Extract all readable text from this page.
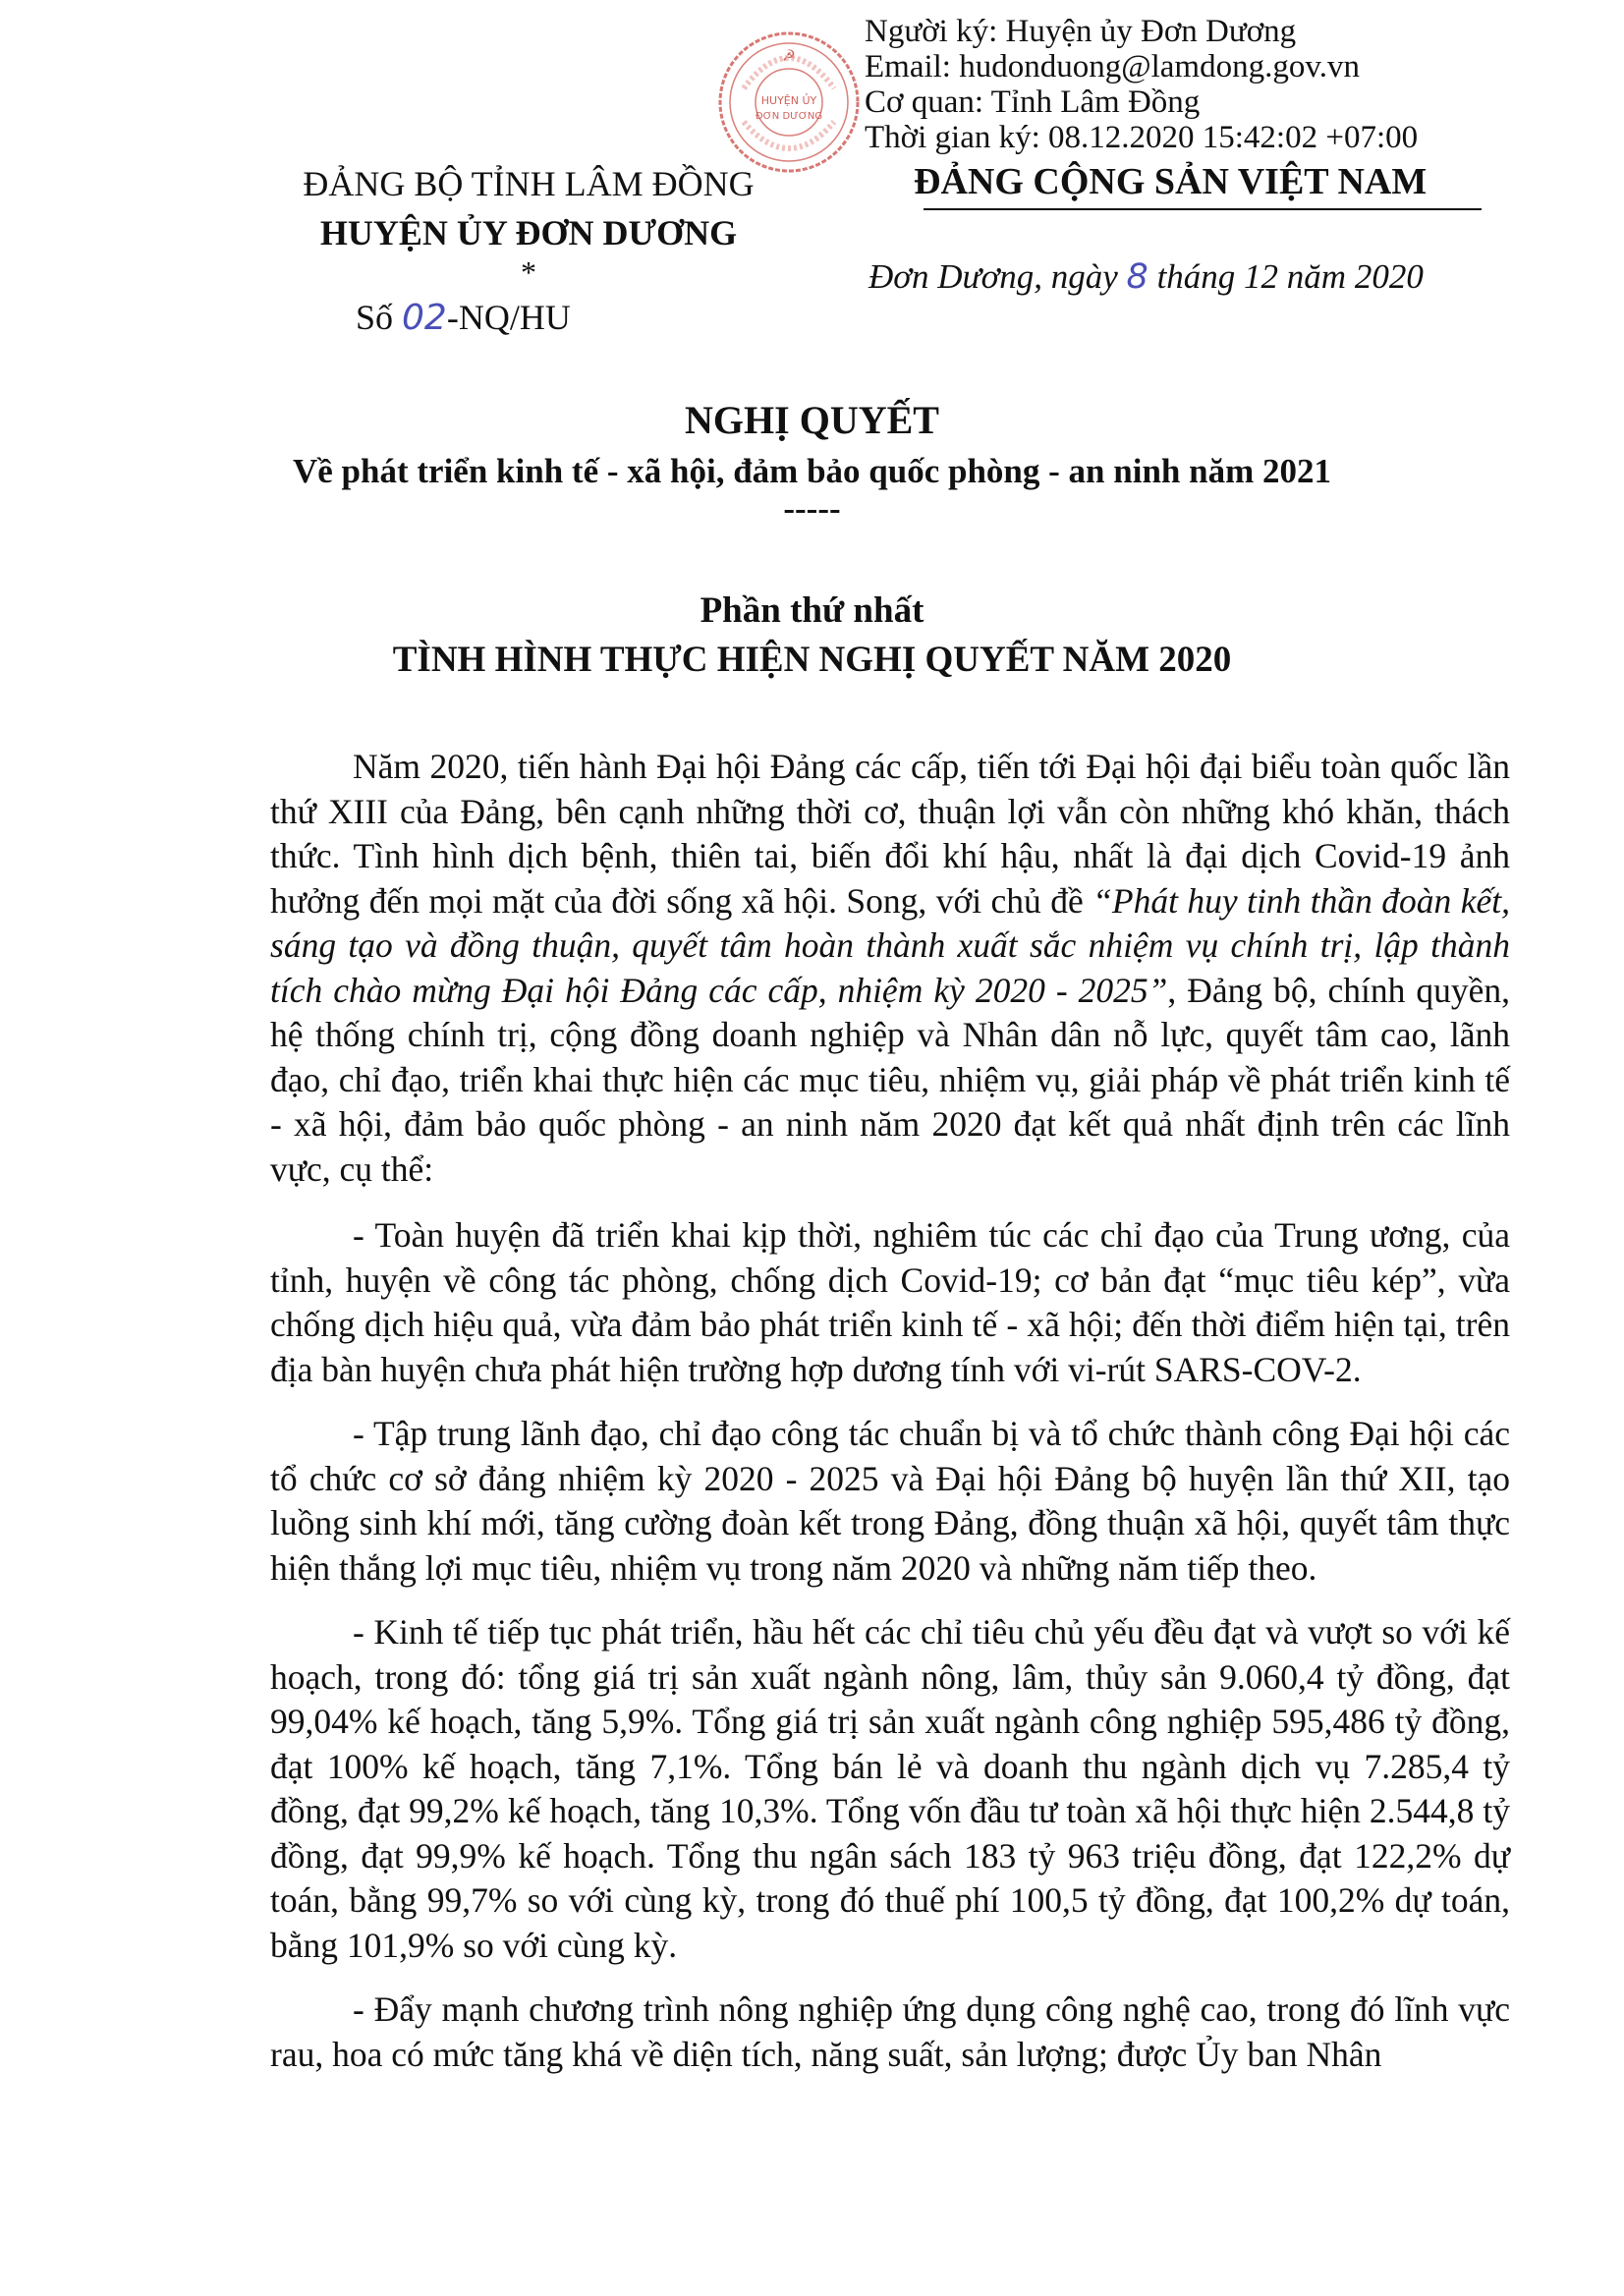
Người ký: Huyện ủy Đơn Dương
Email: hudonduong@lamdong.gov.vn
Cơ quan: Tỉnh Lâm Đồng
Thời gian ký: 08.12.2020 15:42:02 +07:00
☭
HUYỆN ỦY
ĐƠN DƯƠNG
ĐẢNG BỘ TỈNH LÂM ĐỒNG
HUYỆN ỦY ĐƠN DƯƠNG
*
Số 02-NQ/HU
ĐẢNG CỘNG SẢN VIỆT NAM
Đơn Dương, ngày 8 tháng 12 năm 2020
NGHỊ QUYẾT
Về phát triển kinh tế - xã hội, đảm bảo quốc phòng - an ninh năm 2021
-----
Phần thứ nhất
TÌNH HÌNH THỰC HIỆN NGHỊ QUYẾT NĂM 2020

Năm 2020, tiến hành Đại hội Đảng các cấp, tiến tới Đại hội đại biểu toàn quốc lần thứ XIII của Đảng, bên cạnh những thời cơ, thuận lợi vẫn còn những khó khăn, thách thức. Tình hình dịch bệnh, thiên tai, biến đổi khí hậu, nhất là đại dịch Covid-19 ảnh hưởng đến mọi mặt của đời sống xã hội. Song, với chủ đề “Phát huy tinh thần đoàn kết, sáng tạo và đồng thuận, quyết tâm hoàn thành xuất sắc nhiệm vụ chính trị, lập thành tích chào mừng Đại hội Đảng các cấp, nhiệm kỳ 2020 - 2025”, Đảng bộ, chính quyền, hệ thống chính trị, cộng đồng doanh nghiệp và Nhân dân nỗ lực, quyết tâm cao, lãnh đạo, chỉ đạo, triển khai thực hiện các mục tiêu, nhiệm vụ, giải pháp về phát triển kinh tế - xã hội, đảm bảo quốc phòng - an ninh năm 2020 đạt kết quả nhất định trên các lĩnh vực, cụ thể:

- Toàn huyện đã triển khai kịp thời, nghiêm túc các chỉ đạo của Trung ương, của tỉnh, huyện về công tác phòng, chống dịch Covid-19; cơ bản đạt “mục tiêu kép”, vừa chống dịch hiệu quả, vừa đảm bảo phát triển kinh tế - xã hội; đến thời điểm hiện tại, trên địa bàn huyện chưa phát hiện trường hợp dương tính với vi-rút SARS-COV-2.

- Tập trung lãnh đạo, chỉ đạo công tác chuẩn bị và tổ chức thành công Đại hội các tổ chức cơ sở đảng nhiệm kỳ 2020 - 2025 và Đại hội Đảng bộ huyện lần thứ XII, tạo luồng sinh khí mới, tăng cường đoàn kết trong Đảng, đồng thuận xã hội, quyết tâm thực hiện thắng lợi mục tiêu, nhiệm vụ trong năm 2020 và những năm tiếp theo.

- Kinh tế tiếp tục phát triển, hầu hết các chỉ tiêu chủ yếu đều đạt và vượt so với kế hoạch, trong đó: tổng giá trị sản xuất ngành nông, lâm, thủy sản 9.060,4 tỷ đồng, đạt 99,04% kế hoạch, tăng 5,9%. Tổng giá trị sản xuất ngành công nghiệp 595,486 tỷ đồng, đạt 100% kế hoạch, tăng 7,1%. Tổng bán lẻ và doanh thu ngành dịch vụ 7.285,4 tỷ đồng, đạt 99,2% kế hoạch, tăng 10,3%. Tổng vốn đầu tư toàn xã hội thực hiện 2.544,8 tỷ đồng, đạt 99,9% kế hoạch. Tổng thu ngân sách 183 tỷ 963 triệu đồng, đạt 122,2% dự toán, bằng 99,7% so với cùng kỳ, trong đó thuế phí 100,5 tỷ đồng, đạt 100,2% dự toán, bằng 101,9% so với cùng kỳ.

- Đẩy mạnh chương trình nông nghiệp ứng dụng công nghệ cao, trong đó lĩnh vực rau, hoa có mức tăng khá về diện tích, năng suất, sản lượng; được Ủy ban Nhân
